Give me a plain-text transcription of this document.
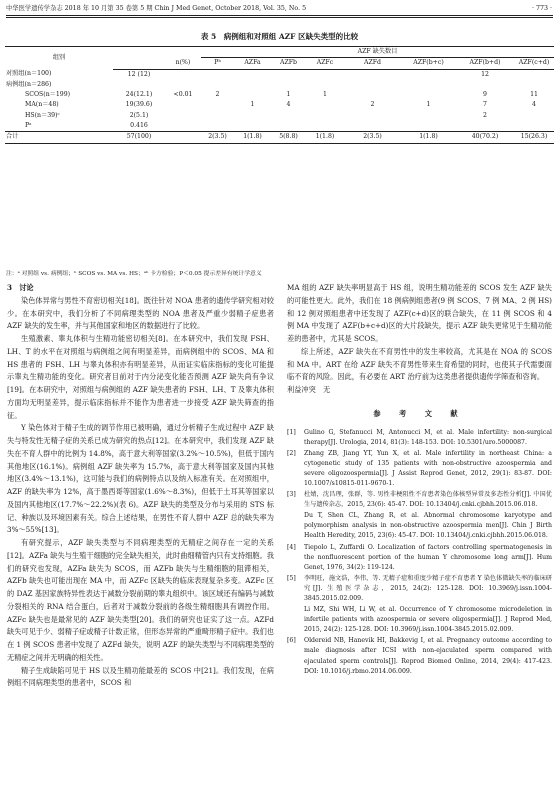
中华医学遗传学杂志 2018 年 10 月第 35 卷第 5 期 Chin J Med Genet, October 2018, Vol. 35, No. 5	· 773 ·
表 5　病例组和对照组 AZF 区缺失类型的比较
组别			AZF 缺失数目								
		n(%)	Pᵇ	AZFa	AZFb	AZFc	AZFd	AZF(b+c)	AZF(b+d)	AZF(c+d)	
对照组(n＝100)	12 (12)								12		
病例组(n＝286)											
SCOS(n＝199)	24(12.1)	<0.01	2		1	1			9	11	
MA(n＝48)	19(39.6)			1	4		2	1	7	4	
HS(n＝39)ᶜ	2(5.1)								2		
Pᵃ	0.416										
合计	57(100)		2(3.5)	1(1.8)	5(8.8)	1(1.8)	2(3.5)	1(1.8)	40(70.2)	15(26.3)	
注：ᵃ 对照组 vs. 病例组；ᵇ SCOS vs. MA vs. HS；ᵃᵇ 卡方检验；P＜0.05 提示差异有统计学意义

3　讨论

染色体异常与男性不育密切相关[18]。既往针对 NOA 患者的遗传学研究相对较少。在本研究中，我们分析了不同病理类型的 NOA 患者及严重少弱精子症患者 AZF 缺失的发生率，并与其他国家和地区的数据进行了比较。

生殖激素、睾丸体积与生精功能密切相关[8]。在本研究中，我们发现 FSH、LH、T 的水平在对照组与病例组之间有明显差异，而病例组中的 SCOS、MA 和 HS 患者的 FSH、LH 与睾丸体积亦有明显差异，从而证实临床指标的变化可能提示睾丸生精功能的变化。研究者目前对于内分泌变化能否预测 AZF 缺失尚有争议[19]。在本研究中，对照组与病例组的 AZF 缺失患者的 FSH、LH、T 及睾丸体积方面均无明显差异，提示临床指标并不能作为患者进一步接受 AZF 缺失筛查的指征。

Y 染色体对于精子生成的调节作用已被明确，通过分析精子生成过程中 AZF 缺失与特发性无精子症的关系已成为研究的热点[12]。在本研究中，我们发现 AZF 缺失在不育人群中的比例为 14.8%，高于意大利等国家(3.2%～10.5%)，但低于国内其他地区(16.1%)。病例组 AZF 缺失率为 15.7%，高于意大利等国家及国内其他地区(3.4%～13.1%)，这可能与我们的病例特点以及纳入标准有关。在对照组中，AZF 的缺失率为 12%，高于墨西哥等国家(1.6%～8.3%)，但低于土耳其等国家以及国内其他地区(17.7%～22.2%)(表 6)。AZF 缺失的类型及分布与采用的 STS 标记、种族以及环境因素有关。综合上述结果，在男性不育人群中 AZF 总的缺失率为 3%～55%[13]。

有研究提示，AZF 缺失类型与不同病理类型的无精症之间存在一定的关系[12]。AZFa 缺失与生殖干细胞的完全缺失相关，此时曲细精管内只有支持细胞。我们的研究也发现，AZFa 缺失为 SCOS，而 AZFb 缺失与生精细胞的阻滞相关，AZFb 缺失也可能出现在 MA 中，而 AZFc 区缺失的临床表现复杂多变。AZFc 区的 DAZ 基因家族特异性表达于减数分裂前期的睾丸组织中。该区域还有编码与减数分裂相关的 RNA 结合蛋白，后者对于减数分裂前的各级生精细胞具有调控作用。AZFc 缺失也是最常见的 AZF 缺失类型[20]。我们的研究也证实了这一点。AZFd 缺失可见于少、弱精子症或精子计数正常，但形态异常的严重畸形精子症中。我们也在 1 例 SCOS 患者中发现了 AZFd 缺失，说明 AZF 的缺失类型与不同病理类型的无精症之间并无明确的相关性。

精子生成缺陷可见于 HS 以及生精功能最差的 SCOS 中[21]。我们发现，在病例组不同病理类型的患者中，SCOS 和

MA 组的 AZF 缺失率明显高于 HS 组，说明生精功能差的 SCOS 发生 AZF 缺失的可能性更大。此外，我们在 18 例病例组患者(9 例 SCOS、7 例 MA、2 例 HS)和 12 例对照组患者中还发现了 AZF(c+d)区的联合缺失，在 11 例 SCOS 和 4 例 MA 中发现了 AZF(b+c+d)区的大片段缺失，提示 AZF 缺失更常见于生精功能差的患者中，尤其是 SCOS。

综上所述，AZF 缺失在不育男性中的发生率较高，尤其是在 NOA 的 SCOS 和 MA 中。ART 在给 AZF 缺失不育男性带来生育希望的同时，也使其子代需要面临不育的风险。因此，有必要在 ART 治疗前为这类患者提供遗传学筛查和咨询。

利益冲突　无

参 考 文 献
[1]	Gulino G, Stefanucci M, Antonucci M, et al. Male infertility: non-surgical therapy[J]. Urologia, 2014, 81(3): 148-153. DOI: 10.5301/uro.5000087.
[2]	Zhang ZB, Jiang YT, Yun X, et al. Male infertility in northeast China: a cytogenetic study of 135 patients with non-obstructive azoospermia and severe oligozoospermia[J]. J Assist Reprod Genet, 2012, 29(1): 83-87. DOI: 10.1007/s10815-011-9670-1.
[3]	杜婧，沈昌理，张群，等. 男性非梗阻性不育患者染色体核型异常及多态性分析[J]. 中国优生与遗传杂志，2015, 23(6): 45-47. DOI: 10.13404/j.cnki.cjbhh.2015.06.018.
Du T, Shen CL, Zhang R, et al. Abnormal chromosome karyotype and polymorphism analysis in non-obstructive azoospermia men[J]. Chin J Birth Health Heredity, 2015, 23(6): 45-47. DOI: 10.13404/j.cnki.cjbhh.2015.06.018.
[4]	Tiepolo L, Zuffardi O. Localization of factors controlling spermatogenesis in the nonfluorescent portion of the human Y chromosome long arm[J]. Hum Genet, 1976, 34(2): 119-124.
[5]	李明旺，施文浩，李伟，等. 无精子症和重度少精子症不育患者 Y 染色体微缺失率的临床研究[J]. 生殖医学杂志，2015, 24(2): 125-128. DOI: 10.3969/j.issn.1004-3845.2015.02.009.
Li MZ, Shi WH, Li W, et al. Occurrence of Y chromosome microdeletion in infertile patients with azoospermia or severe oligospermia[J]. J Reprod Med, 2015, 24(2): 125-128. DOI: 10.3969/j.issn.1004-3845.2015.02.009.
[6]	Oldereid NB, Hanevik HI, Bakkevig I, et al. Pregnancy outcome according to male diagnosis after ICSI with non-ejaculated sperm compared with ejaculated sperm controls[J]. Reprod Biomed Online, 2014, 29(4): 417-423. DOI: 10.1016/j.rbmo.2014.06.009.
